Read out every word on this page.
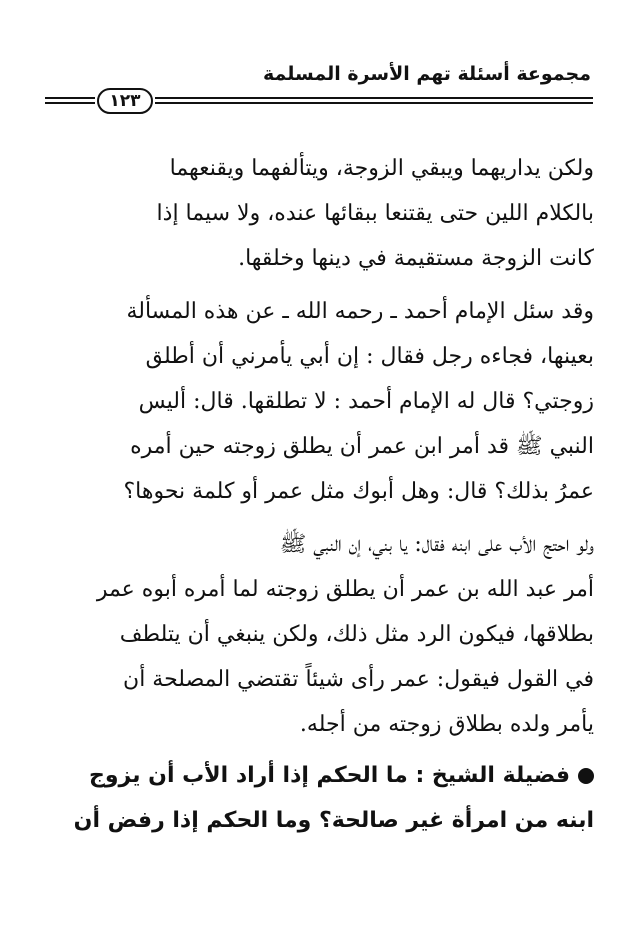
مجموعة أسئلة تهم الأسرة المسلمة
١٢٣

ولكن يداريهما ويبقي الزوجة، ويتألفهما ويقنعهما
بالكلام اللين حتى يقتنعا ببقائها عنده، ولا سيما إذا
كانت الزوجة مستقيمة في دينها وخلقها.

وقد سئل الإمام أحمد ـ رحمه الله ـ عن هذه المسألة
بعينها، فجاءه رجل فقال : إن أبي يأمرني أن أطلق
زوجتي؟ قال له الإمام أحمد : لا تطلقها. قال: أليس
النبي ﷺ قد أمر ابن عمر أن يطلق زوجته حين أمره
عمرُ بذلك؟ قال: وهل أبوك مثل عمر أو كلمة نحوها؟

ولو احتج الأب على ابنه فقال: يا بني، إن النبي ﷺ
أمر عبد الله بن عمر أن يطلق زوجته لما أمره أبوه عمر
بطلاقها، فيكون الرد مثل ذلك، ولكن ينبغي أن يتلطف
في القول فيقول: عمر رأى شيئاً تقتضي المصلحة أن
يأمر ولده بطلاق زوجته من أجله.

فضيلة الشيخ : ما الحكم إذا أراد الأب أن يزوج
ابنه من امرأة غير صالحة؟ وما الحكم إذا رفض أن
